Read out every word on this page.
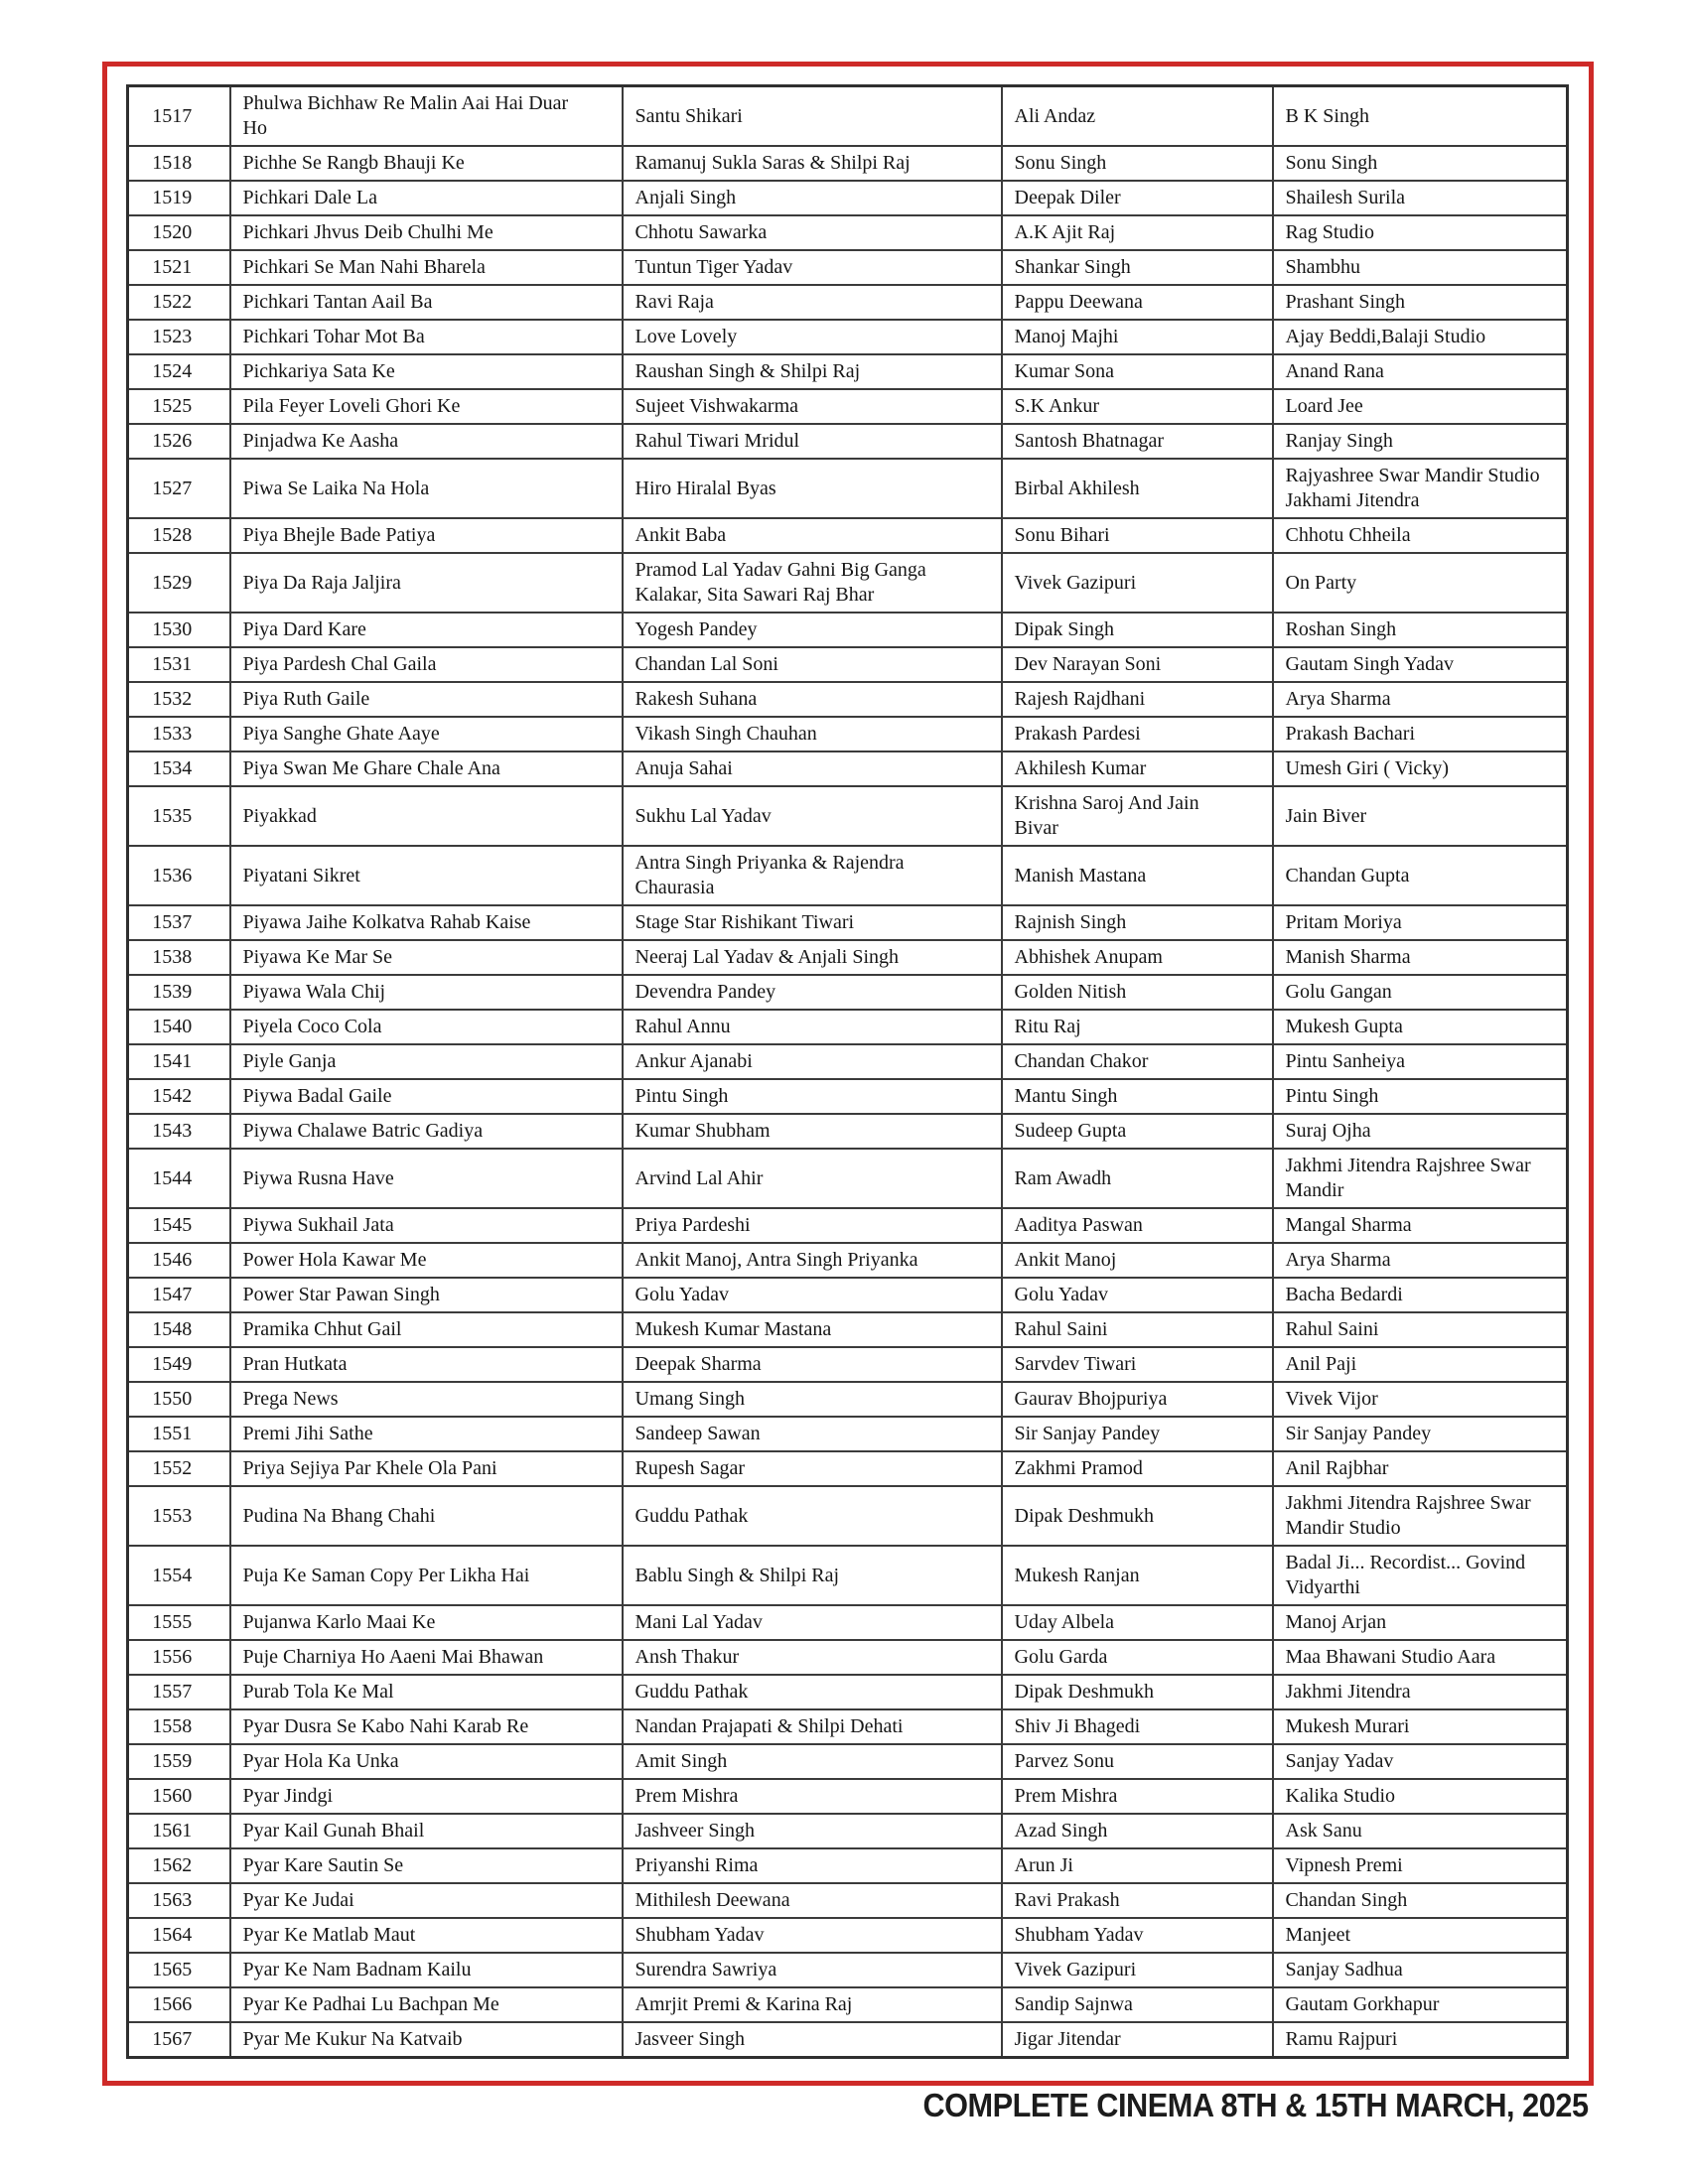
1517	Phulwa Bichhaw Re Malin Aai Hai Duar Ho	Santu Shikari	Ali Andaz	B K Singh
1518	Pichhe Se Rangb Bhauji Ke	Ramanuj Sukla Saras & Shilpi Raj	Sonu Singh	Sonu Singh
1519	Pichkari Dale La	Anjali Singh	Deepak Diler	Shailesh Surila
1520	Pichkari Jhvus Deib Chulhi Me	Chhotu Sawarka	A.K Ajit Raj	Rag Studio
1521	Pichkari Se Man Nahi Bharela	Tuntun Tiger Yadav	Shankar Singh	Shambhu
1522	Pichkari Tantan Aail Ba	Ravi Raja	Pappu Deewana	Prashant Singh
1523	Pichkari Tohar Mot Ba	Love Lovely	Manoj Majhi	Ajay Beddi,Balaji Studio
1524	Pichkariya Sata Ke	Raushan Singh & Shilpi Raj	Kumar Sona	Anand Rana
1525	Pila Feyer Loveli Ghori Ke	Sujeet Vishwakarma	S.K Ankur	Loard Jee
1526	Pinjadwa Ke Aasha	Rahul Tiwari Mridul	Santosh Bhatnagar	Ranjay Singh
1527	Piwa Se Laika Na Hola	Hiro Hiralal Byas	Birbal Akhilesh	Rajyashree Swar Mandir Studio Jakhami Jitendra
1528	Piya Bhejle Bade Patiya	Ankit Baba	Sonu Bihari	Chhotu Chheila
1529	Piya Da Raja Jaljira	Pramod Lal Yadav Gahni Big Ganga Kalakar, Sita Sawari Raj Bhar	Vivek Gazipuri	On Party
1530	Piya Dard Kare	Yogesh Pandey	Dipak Singh	Roshan Singh
1531	Piya Pardesh Chal Gaila	Chandan Lal Soni	Dev Narayan Soni	Gautam Singh Yadav
1532	Piya Ruth Gaile	Rakesh Suhana	Rajesh Rajdhani	Arya Sharma
1533	Piya Sanghe Ghate Aaye	Vikash Singh Chauhan	Prakash Pardesi	Prakash Bachari
1534	Piya Swan Me Ghare Chale Ana	Anuja Sahai	Akhilesh Kumar	Umesh Giri ( Vicky)
1535	Piyakkad	Sukhu Lal Yadav	Krishna Saroj And Jain Bivar	Jain Biver
1536	Piyatani Sikret	Antra Singh Priyanka & Rajendra Chaurasia	Manish Mastana	Chandan Gupta
1537	Piyawa Jaihe Kolkatva Rahab Kaise	Stage Star Rishikant Tiwari	Rajnish Singh	Pritam Moriya
1538	Piyawa Ke Mar Se	Neeraj Lal Yadav & Anjali Singh	Abhishek Anupam	Manish Sharma
1539	Piyawa Wala Chij	Devendra Pandey	Golden Nitish	Golu Gangan
1540	Piyela Coco Cola	Rahul Annu	Ritu Raj	Mukesh Gupta
1541	Piyle Ganja	Ankur Ajanabi	Chandan Chakor	Pintu Sanheiya
1542	Piywa Badal Gaile	Pintu Singh	Mantu Singh	Pintu Singh
1543	Piywa Chalawe Batric Gadiya	Kumar Shubham	Sudeep Gupta	Suraj Ojha
1544	Piywa Rusna Have	Arvind Lal Ahir	Ram Awadh	Jakhmi Jitendra Rajshree Swar Mandir
1545	Piywa Sukhail Jata	Priya Pardeshi	Aaditya Paswan	Mangal Sharma
1546	Power Hola Kawar Me	Ankit Manoj, Antra Singh Priyanka	Ankit Manoj	Arya Sharma
1547	Power Star Pawan Singh	Golu Yadav	Golu Yadav	Bacha Bedardi
1548	Pramika Chhut Gail	Mukesh Kumar Mastana	Rahul Saini	Rahul Saini
1549	Pran Hutkata	Deepak Sharma	Sarvdev Tiwari	Anil Paji
1550	Prega News	Umang Singh	Gaurav Bhojpuriya	Vivek Vijor
1551	Premi Jihi Sathe	Sandeep Sawan	Sir Sanjay Pandey	Sir Sanjay Pandey
1552	Priya Sejiya Par Khele Ola Pani	Rupesh Sagar	Zakhmi Pramod	Anil Rajbhar
1553	Pudina Na Bhang Chahi	Guddu Pathak	Dipak Deshmukh	Jakhmi Jitendra Rajshree Swar Mandir Studio
1554	Puja Ke Saman Copy Per Likha Hai	Bablu Singh & Shilpi Raj	Mukesh Ranjan	Badal Ji... Recordist... Govind Vidyarthi
1555	Pujanwa Karlo Maai Ke	Mani Lal Yadav	Uday Albela	Manoj Arjan
1556	Puje Charniya Ho Aaeni Mai Bhawan	Ansh Thakur	Golu Garda	Maa Bhawani Studio Aara
1557	Purab Tola Ke Mal	Guddu Pathak	Dipak Deshmukh	Jakhmi Jitendra
1558	Pyar Dusra Se Kabo Nahi Karab Re	Nandan Prajapati & Shilpi Dehati	Shiv Ji Bhagedi	Mukesh Murari
1559	Pyar Hola Ka Unka	Amit Singh	Parvez Sonu	Sanjay Yadav
1560	Pyar Jindgi	Prem Mishra	Prem Mishra	Kalika Studio
1561	Pyar Kail Gunah Bhail	Jashveer Singh	Azad Singh	Ask Sanu
1562	Pyar Kare Sautin Se	Priyanshi Rima	Arun Ji	Vipnesh Premi
1563	Pyar Ke Judai	Mithilesh Deewana	Ravi Prakash	Chandan Singh
1564	Pyar Ke Matlab Maut	Shubham Yadav	Shubham Yadav	Manjeet
1565	Pyar Ke Nam Badnam Kailu	Surendra Sawriya	Vivek Gazipuri	Sanjay Sadhua
1566	Pyar Ke Padhai Lu Bachpan Me	Amrjit Premi & Karina Raj	Sandip Sajnwa	Gautam Gorkhapur
1567	Pyar Me Kukur Na Katvaib	Jasveer Singh	Jigar Jitendar	Ramu Rajpuri
COMPLETE CINEMA 8TH & 15TH MARCH, 2025
